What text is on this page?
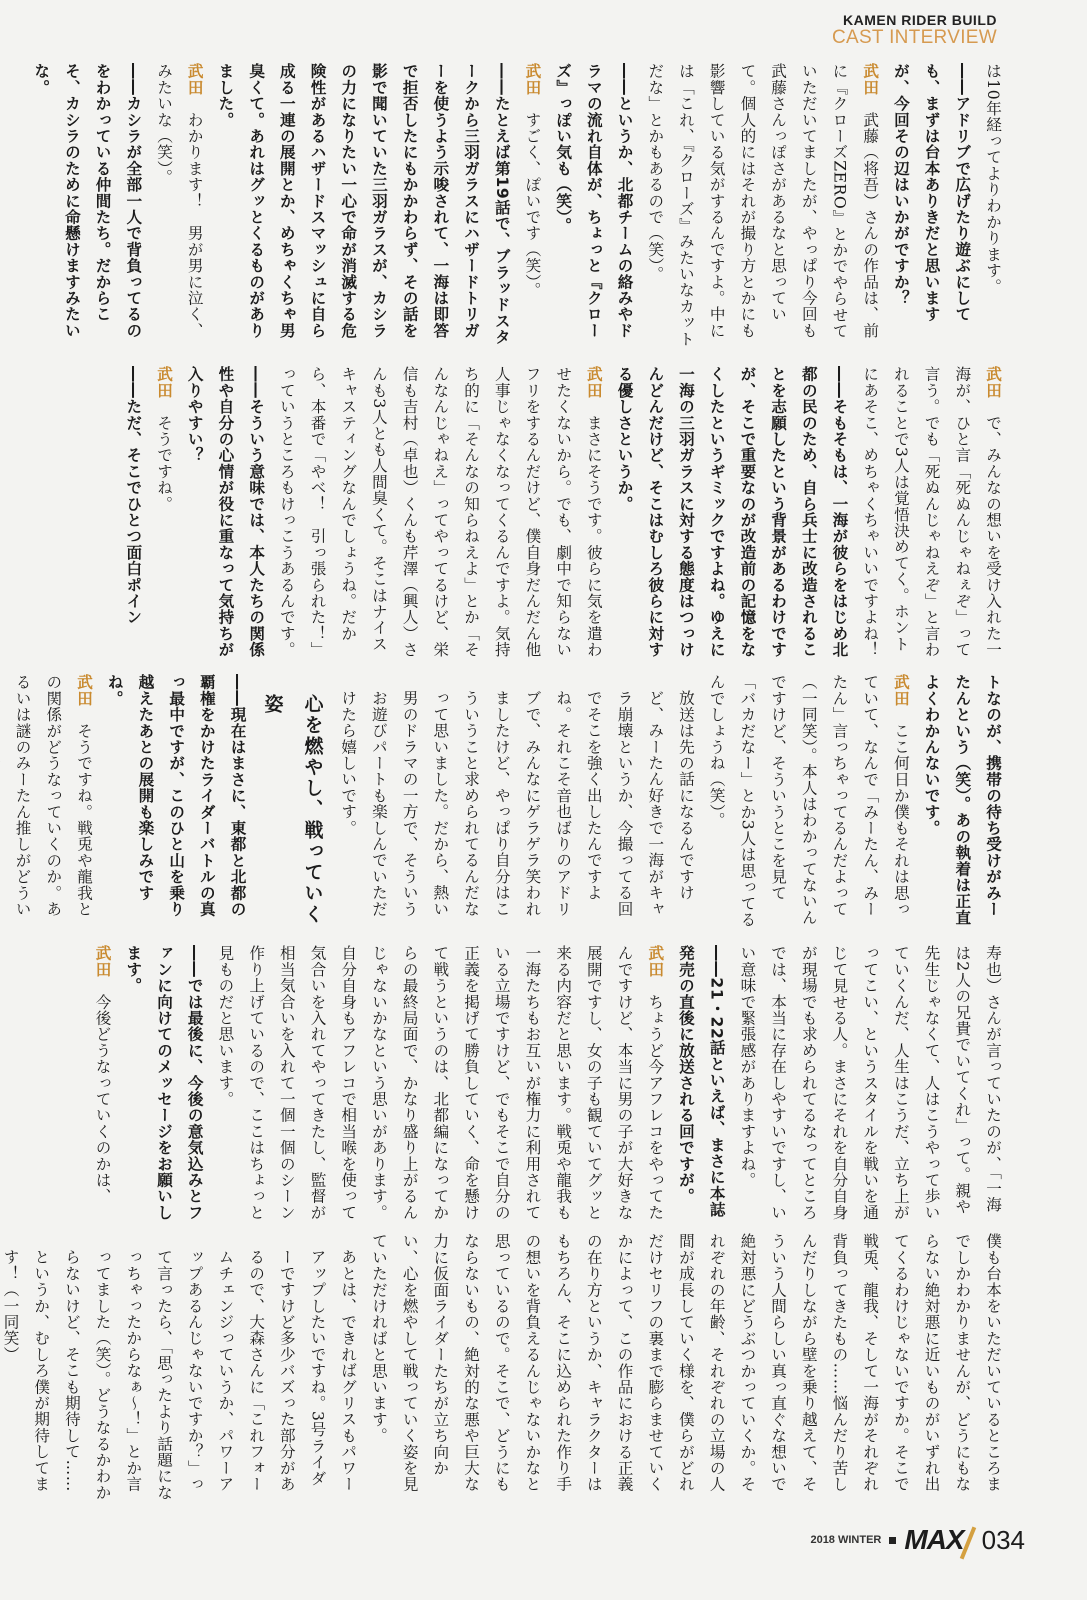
KAMEN RIDER BUILD
CAST INTERVIEW

は10年経ってよりわかります。

――アドリブで広げたり遊ぶにしても、まずは台本ありきだと思いますが、今回その辺はいかがですか？

武田　武藤（将吾）さんの作品は、前に『クローズZERO』とかでやらせていただいてましたが、やっぱり今回も武藤さんっぽさがあるなと思っていて。個人的にはそれが撮り方とかにも影響している気がするんですよ。中には「これ、『クローズ』みたいなカットだな」とかもあるので（笑）。

――というか、北都チームの絡みやドラマの流れ自体が、ちょっと『クローズ』っぽい気も（笑）。

武田　すごく、ぽいです（笑）。

――たとえば第19話で、ブラッドスタークから三羽ガラスにハザードトリガーを使うよう示唆されて、一海は即答で拒否したにもかかわらず、その話を影で聞いていた三羽ガラスが、カシラの力になりたい一心で命が消滅する危険性があるハザードスマッシュに自ら成る一連の展開とか、めちゃくちゃ男臭くて。あれはグッとくるものがありました。

武田　わかります！　男が男に泣く、みたいな（笑）。

――カシラが全部一人で背負ってるのをわかっている仲間たち。だからこそ、カシラのために命懸けますみたいな。

武田　で、みんなの想いを受け入れた一海が、ひと言「死ぬんじゃねぇぞ」って言う。でも「死ぬんじゃねえぞ」と言われることで3人は覚悟決めてく。ホントにあそこ、めちゃくちゃいいですよね！

――そもそもは、一海が彼らをはじめ北都の民のため、自ら兵士に改造されることを志願したという背景があるわけですが、そこで重要なのが改造前の記憶をなくしたというギミックですよね。ゆえに一海の三羽ガラスに対する態度はつっけんどんだけど、そこはむしろ彼らに対する優しさというか。

武田　まさにそうです。彼らに気を遣わせたくないから。でも、劇中で知らないフリをするんだけど、僕自身だんだん他人事じゃなくなってくるんですよ。気持ち的に「そんなの知らねえよ」とか「そんなんじゃねえ」ってやってるけど、栄信も吉村（卓也）くんも芹澤（興人）さんも3人とも人間臭くて。そこはナイスキャスティングなんでしょうね。だから、本番で「やべ！　引っ張られた！」っていうところもけっこうあるんです。

――そういう意味では、本人たちの関係性や自分の心情が役に重なって気持ちが入りやすい？

武田　そうですね。

――ただ、そこでひとつ面白ポイン

トなのが、携帯の待ち受けがみーたんという（笑）。あの執着は正直よくわかんないです。

武田　ここ何日か僕もそれは思っていて、なんで「みーたん、みーたん」言っちゃってるんだよって（一同笑）。本人はわかってないんですけど、そういうとこを見て「バカだなー」とか3人は思ってるんでしょうね（笑）。

放送は先の話になるんですけど、みーたん好きで一海がキャラ崩壊というか、今撮ってる回でそこを強く出したんですよね。それこそ音也ばりのアドリブで、みんなにゲラゲラ笑われましたけど、やっぱり自分はこういうこと求められてるんだなって思いました。だから、熱い男のドラマの一方で、そういうお遊びパートも楽しんでいただけたら嬉しいです。

心を燃やし、戦っていく姿

――現在はまさに、東都と北都の覇権をかけたライダーバトルの真っ最中ですが、このひと山を乗り越えたあとの展開も楽しみですね。

武田　そうですね。戦兎や龍我との関係がどうなっていくのか。あるいは謎のみーたん推しがどうい

寿也）さんが言っていたのが、「一海は2人の兄貴でいてくれ」って。親や先生じゃなくて、人はこうやって歩いていくんだ、人生はこうだ、立ち上がってこい、というスタイルを戦いを通じて見せる人。まさにそれを自分自身が現場でも求められてるなってところでは、本当に存在しやすいですし、いい意味で緊張感がありますよね。

――21・22話といえば、まさに本誌発売の直後に放送される回ですが。

武田　ちょうど今アフレコをやってたんですけど、本当に男の子が大好きな展開ですし、女の子も観ていてグッと来る内容だと思います。戦兎や龍我も一海たちもお互いが権力に利用されている立場ですけど、でもそこで自分の正義を掲げて勝負していく、命を懸けて戦うというのは、北都編になってからの最終局面で、かなり盛り上がるんじゃないかなという思いがあります。自分自身もアフレコで相当喉を使って気合いを入れてやってきたし、監督が相当気合いを入れて一個一個のシーン作り上げているので、ここはちょっと見ものだと思います。

――では最後に、今後の意気込みとファンに向けてのメッセージをお願いします。

武田　今後どうなっていくのかは、

僕も台本をいただいているところまでしかわかりませんが、どうにもならない絶対悪に近いものがいずれ出てくるわけじゃないですか。そこで戦兎、龍我、そして一海がそれぞれ背負ってきたもの……悩んだり苦しんだりしながら壁を乗り越えて、そういう人間らしい真っ直ぐな想いで絶対悪にどうぶつかっていくか。それぞれの年齢、それぞれの立場の人間が成長していく様を、僕らがどれだけセリフの裏まで膨らませていくかによって、この作品における正義の在り方というか、キャラクターはもちろん、そこに込められた作り手の想いを背負えるんじゃないかなと思っているので。そこで、どうにもならないもの、絶対的な悪や巨大な力に仮面ライダーたちが立ち向かい、心を燃やして戦っていく姿を見ていただければと思います。

あとは、できればグリスもパワーアップしたいですね。3号ライダーですけど多少バズった部分があるので、大森さんに「これフォームチェンジっていうか、パワーアップあるんじゃないですか？」って言ったら、「思ったより話題になっちゃったからなぁ～！」とか言ってました（笑）。どうなるかわからないけど、そこも期待して……というか、むしろ僕が期待してます！（一同笑）

2018 WINTER MAX 034
